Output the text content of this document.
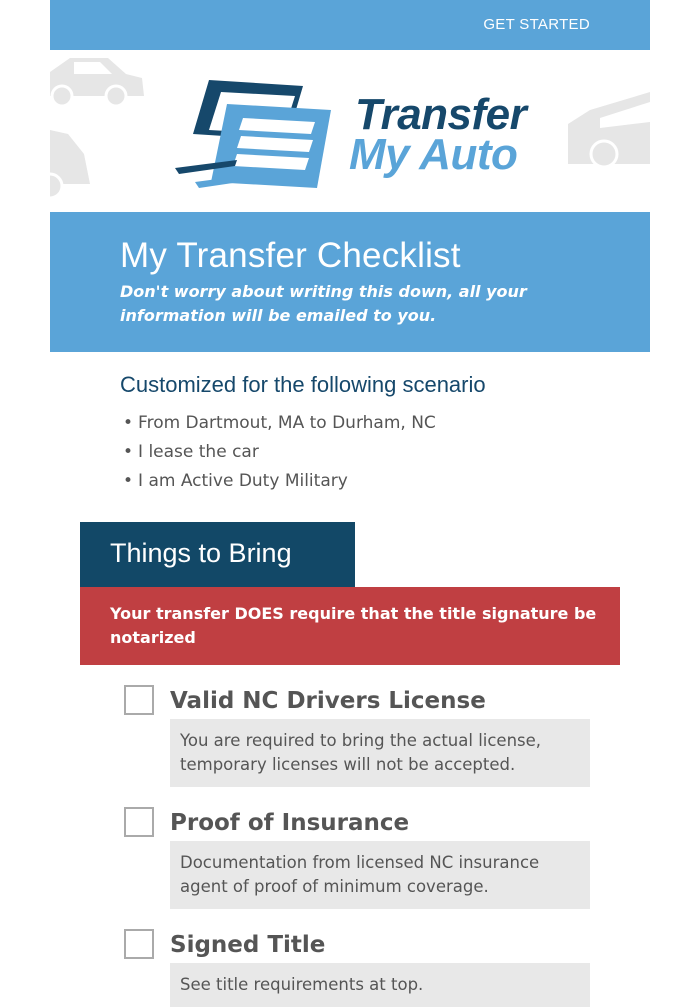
GET STARTED
Transfer
My Auto
My Transfer Checklist
Don't worry about writing this down, all your information will be emailed to you.
Customized for the following scenario
• From Dartmout, MA to Durham, NC
• I lease the car
• I am Active Duty Military
Things to Bring
Your transfer DOES require that the title signature be notarized
Valid NC Drivers License
You are required to bring the actual license, temporary licenses will not be accepted.
Proof of Insurance
Documentation from licensed NC insurance agent of proof of minimum coverage.
Signed Title
See title requirements at top.
